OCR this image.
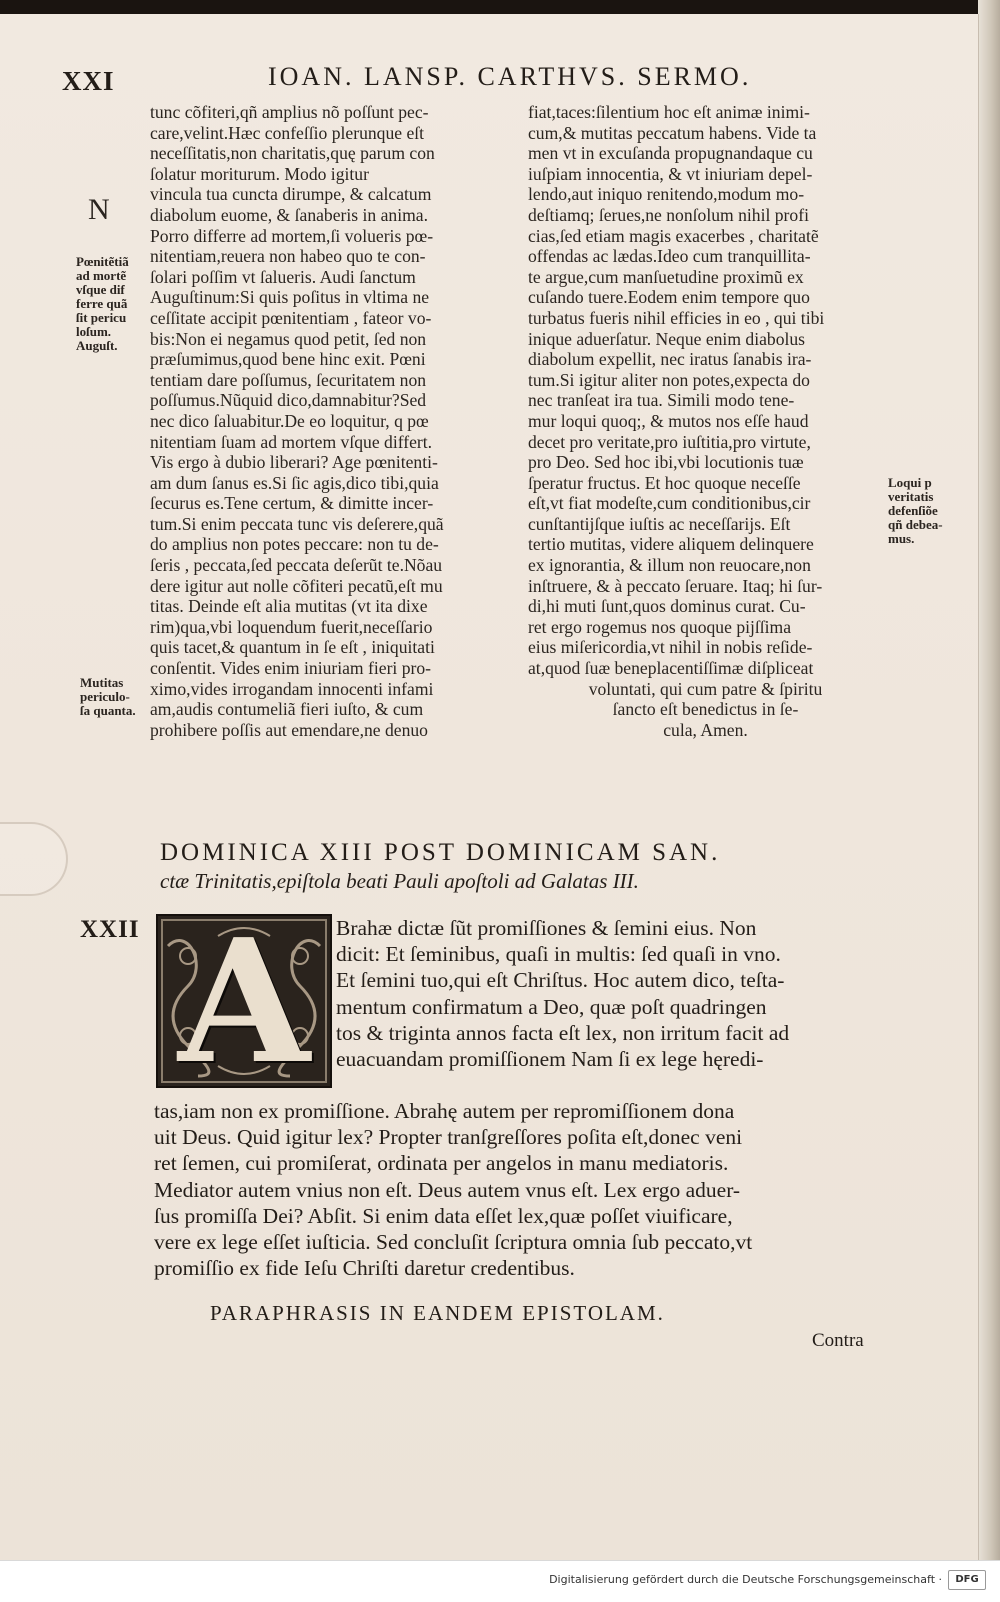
XXI	IOAN. LANSP. CARTHVS. SERMO.
N
Pœnitẽtiã
ad mortẽ
vſque dif
ferre quã
ſit pericu
loſum.
Auguſt.
Mutitas
periculo-
ſa quanta.
Loqui p
veritatis
defenſiõe
qñ debea-
mus.
tunc cõfiteri,qñ amplius nõ poſſunt pec-
care,velint.Hæc confeſſio plerunque eſt
neceſſitatis,non charitatis,quę parum con
ſolatur moriturum. Modo igitur
vincula tua cuncta dirumpe, & calcatum
diabolum euome, & ſanaberis in anima.
Porro differre ad mortem,ſi volueris pœ-
nitentiam,reuera non habeo quo te con-
ſolari poſſim vt ſalueris. Audi ſanctum
Auguſtinum:Si quis poſitus in vltima ne
ceſſitate accipit pœnitentiam , fateor vo-
bis:Non ei negamus quod petit, ſed non
præſumimus,quod bene hinc exit. Pœni
tentiam dare poſſumus, ſecuritatem non
poſſumus.Nũquid dico,damnabitur?Sed
nec dico ſaluabitur.De eo loquitur, q pœ
nitentiam ſuam ad mortem vſque differt.
Vis ergo à dubio liberari? Age pœnitenti-
am dum ſanus es.Si ſic agis,dico tibi,quia
ſecurus es.Tene certum, & dimitte incer-
tum.Si enim peccata tunc vis deſerere,quã
do amplius non potes peccare: non tu de-
ſeris , peccata,ſed peccata deſerũt te.Nõau
dere igitur aut nolle cõfiteri pecatũ,eſt mu
titas. Deinde eſt alia mutitas (vt ita dixe
rim)qua,vbi loquendum fuerit,neceſſario
quis tacet,& quantum in ſe eſt , iniquitati
conſentit. Vides enim iniuriam fieri pro-
ximo,vides irrogandam innocenti infami
am,audis contumeliã fieri iuſto, & cum
prohibere poſſis aut emendare,ne denuo
fiat,taces:ſilentium hoc eſt animæ inimi-
cum,& mutitas peccatum habens. Vide ta
men vt in excuſanda propugnandaque cu
iuſpiam innocentia, & vt iniuriam depel-
lendo,aut iniquo renitendo,modum mo-
deſtiamq; ſerues,ne nonſolum nihil profi
cias,ſed etiam magis exacerbes , charitatẽ
offendas ac lædas.Ideo cum tranquillita-
te argue,cum manſuetudine proximũ ex
cuſando tuere.Eodem enim tempore quo
turbatus fueris nihil efficies in eo , qui tibi
inique aduerſatur. Neque enim diabolus
diabolum expellit, nec iratus ſanabis ira-
tum.Si igitur aliter non potes,expecta do
nec tranſeat ira tua. Simili modo tene-
mur loqui quoq;, & mutos nos eſſe haud
decet pro veritate,pro iuſtitia,pro virtute,
pro Deo. Sed hoc ibi,vbi locutionis tuæ
ſperatur fructus. Et hoc quoque neceſſe
eſt,vt fiat modeſte,cum conditionibus,cir
cunſtantijſque iuſtis ac neceſſarijs. Eſt
tertio mutitas, videre aliquem delinquere
ex ignorantia, & illum non reuocare,non
inſtruere, & à peccato ſeruare. Itaq; hi ſur-
di,hi muti ſunt,quos dominus curat. Cu-
ret ergo rogemus nos quoque pijſſima
eius miſericordia,vt nihil in nobis reſide-
at,quod ſuæ beneplacentiſſimæ diſpliceat
voluntati, qui cum patre & ſpiritu
ſancto eſt benedictus in ſe-
cula, Amen.
DOMINICA XIII POST DOMINICAM SAN.
ctæ Trinitatis,epiſtola beati Pauli apoſtoli ad Galatas III.
XXII A	Brahæ dictæ ſũt promiſſiones & ſemini eius. Non
dicit: Et ſeminibus, quaſi in multis: ſed quaſi in vno.
Et ſemini tuo,qui eſt Chriſtus. Hoc autem dico, teſta-
mentum confirmatum a Deo, quæ poſt quadringen
tos & triginta annos facta eſt lex, non irritum facit ad
euacuandam promiſſionem Nam ſi ex lege hęredi-
tas,iam non ex promiſſione. Abrahę autem per repromiſſionem dona
uit Deus. Quid igitur lex? Propter tranſgreſſores poſita eſt,donec veni
ret ſemen, cui promiſerat, ordinata per angelos in manu mediatoris.
Mediator autem vnius non eſt. Deus autem vnus eſt. Lex ergo aduer-
ſus promiſſa Dei? Abſit. Si enim data eſſet lex,quæ poſſet viuificare,
vere ex lege eſſet iuſticia. Sed concluſit ſcriptura omnia ſub peccato,vt
promiſſio ex fide Ieſu Chriſti daretur credentibus.
PARAPHRASIS IN EANDEM EPISTOLAM.
Contra
Digitalisierung gefördert durch die Deutsche Forschungsgemeinschaft ·	DFG
